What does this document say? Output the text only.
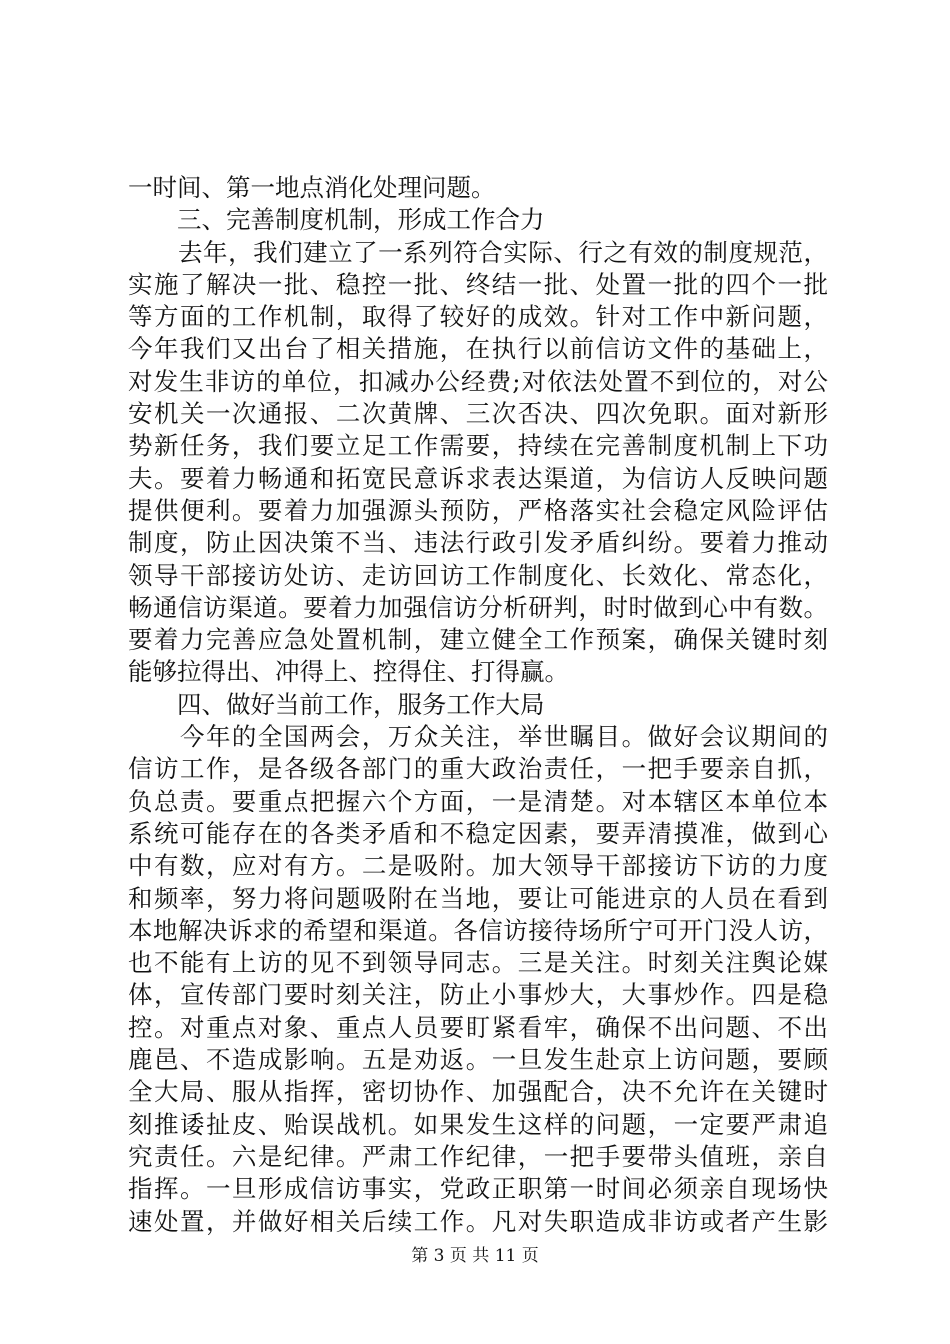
一时间、第一地点消化处理问题。
　　三、完善制度机制，形成工作合力
　　去年，我们建立了一系列符合实际、行之有效的制度规范，
实施了解决一批、稳控一批、终结一批、处置一批的四个一批
等方面的工作机制，取得了较好的成效。针对工作中新问题，
今年我们又出台了相关措施，在执行以前信访文件的基础上，
对发生非访的单位，扣减办公经费;对依法处置不到位的，对公
安机关一次通报、二次黄牌、三次否决、四次免职。面对新形
势新任务，我们要立足工作需要，持续在完善制度机制上下功
夫。要着力畅通和拓宽民意诉求表达渠道，为信访人反映问题
提供便利。要着力加强源头预防，严格落实社会稳定风险评估
制度，防止因决策不当、违法行政引发矛盾纠纷。要着力推动
领导干部接访处访、走访回访工作制度化、长效化、常态化，
畅通信访渠道。要着力加强信访分析研判，时时做到心中有数。
要着力完善应急处置机制，建立健全工作预案，确保关键时刻
能够拉得出、冲得上、控得住、打得赢。
　　四、做好当前工作，服务工作大局
　　今年的全国两会，万众关注，举世瞩目。做好会议期间的
信访工作，是各级各部门的重大政治责任，一把手要亲自抓，
负总责。要重点把握六个方面，一是清楚。对本辖区本单位本
系统可能存在的各类矛盾和不稳定因素，要弄清摸准，做到心
中有数，应对有方。二是吸附。加大领导干部接访下访的力度
和频率，努力将问题吸附在当地，要让可能进京的人员在看到
本地解决诉求的希望和渠道。各信访接待场所宁可开门没人访，
也不能有上访的见不到领导同志。三是关注。时刻关注舆论媒
体，宣传部门要时刻关注，防止小事炒大，大事炒作。四是稳
控。对重点对象、重点人员要盯紧看牢，确保不出问题、不出
鹿邑、不造成影响。五是劝返。一旦发生赴京上访问题，要顾
全大局、服从指挥，密切协作、加强配合，决不允许在关键时
刻推诿扯皮、贻误战机。如果发生这样的问题，一定要严肃追
究责任。六是纪律。严肃工作纪律，一把手要带头值班，亲自
指挥。一旦形成信访事实，党政正职第一时间必须亲自现场快
速处置，并做好相关后续工作。凡对失职造成非访或者产生影
第 3 页 共 11 页
